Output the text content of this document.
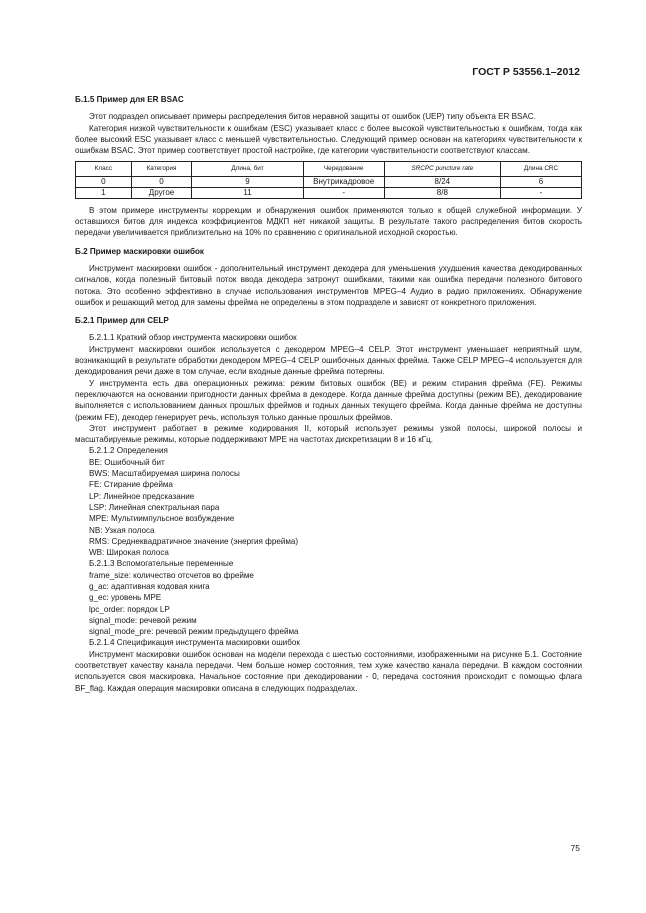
ГОСТ Р 53556.1–2012

Б.1.5 Пример для ER BSAC

Этот подраздел описывает примеры распределения битов неравной защиты от ошибок (UEP) типу объекта ER BSAC.

Категория низкой чувствительности к ошибкам (ESC) указывает класс с более высокой чувствительностью к ошибкам, тогда как более высокий ESC указывает класс с меньшей чувствительностью. Следующий пример основан на категориях чувствительности к ошибкам BSAC. Этот пример соответствует простой настройке, где категории чувствительности соответствуют классам.

Класс	Категория	Длина, бит	Чередование	SRCPC puncture rate	Длина CRC
0	0	9	Внутрикадровое	8/24	6
1	Другое	11	-	8/8	-

В этом примере инструменты коррекции и обнаружения ошибок применяются только к общей служебной информации. У оставшихся битов для индекса коэффициентов МДКП нет никакой защиты. В результате такого распределения битов скорость передачи увеличивается приблизительно на 10% по сравнению с оригинальной исходной скоростью.

Б.2 Пример маскировки ошибок

Инструмент маскировки ошибок - дополнительный инструмент декодера для уменьшения ухудшения качества декодированных сигналов, когда полезный битовый поток ввода декодера затронут ошибками, такими как ошибка передачи полезного битового потока. Это особенно эффективно в случае использования инструментов MPEG–4 Аудио в радио приложениях. Обнаружение ошибок и решающий метод для замены фрейма не определены в этом подразделе и зависят от конкретного приложения.

Б.2.1 Пример для CELP

Б.2.1.1 Краткий обзор инструмента маскировки ошибок

Инструмент маскировки ошибок используется с декодером MPEG–4 CELP. Этот инструмент уменьшает неприятный шум, возникающий в результате обработки декодером MPEG–4 CELP ошибочных данных фрейма. Также CELP MPEG–4 используется для декодирования речи даже в том случае, если входные данные фрейма потеряны.

У инструмента есть два операционных режима: режим битовых ошибок (BE) и режим стирания фрейма (FE). Режимы переключаются на основании пригодности данных фрейма в декодере. Когда данные фрейма доступны (режим BE), декодирование выполняется с использованием данных прошлых фреймов и годных данных текущего фрейма. Когда данные фрейма не доступны (режим FE), декодер генерирует речь, используя только данные прошлых фреймов.

Этот инструмент работает в режиме кодирования II, который использует режимы узкой полосы, широкой полосы и масштабируемые режимы, которые поддерживают MPE на частотах дискретизации 8 и 16 кГц.

Б.2.1.2 Определения

BE: Ошибочный бит

BWS: Масштабируемая ширина полосы

FE: Стирание фрейма

LP: Линейное предсказание

LSP: Линейная спектральная пара

MPE: Мультиимпульсное возбуждение

NB: Узкая полоса

RMS: Среднеквадратичное значение (энергия фрейма)

WB: Широкая полоса

Б.2.1.3 Вспомогательные переменные

frame_size: количество отсчетов во фрейме

g_ac: адаптивная кодовая книга

g_ec: уровень MPE

lpc_order: порядок LP

signal_mode: речевой режим

signal_mode_pre: речевой режим предыдущего фрейма

Б.2.1.4 Спецификация инструмента маскировки ошибок

Инструмент маскировки ошибок основан на модели перехода с шестью состояниями, изображенными на рисунке Б.1. Состояние соответствует качеству канала передачи. Чем больше номер состояния, тем хуже качество канала передачи. В каждом состоянии используется своя маскировка. Начальное состояние при декодировании - 0, передача состояния происходит с помощью флага BF_flag. Каждая операция маскировки описана в следующих подразделах.

75
